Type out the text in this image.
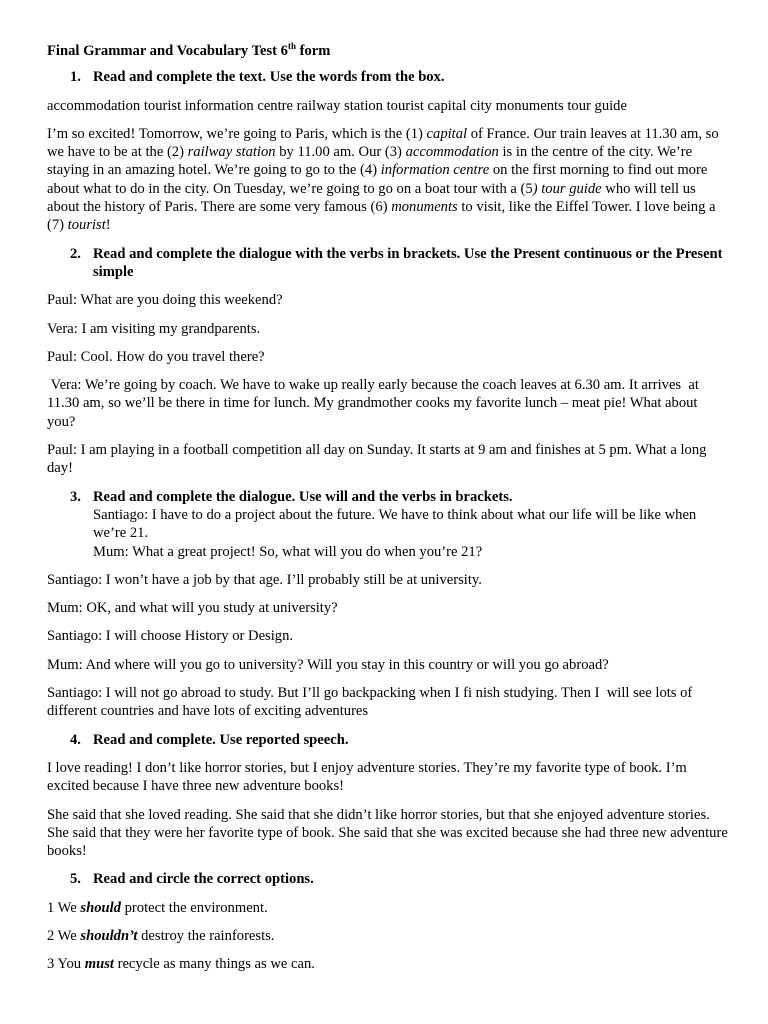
Final Grammar and Vocabulary Test 6th form
1. Read and complete the text. Use the words from the box.

accommodation tourist information centre railway station tourist capital city monuments tour guide

I’m so excited! Tomorrow, we’re going to Paris, which is the (1) capital of France. Our train leaves at 11.30 am, so we have to be at the (2) railway station by 11.00 am. Our (3) accommodation is in the centre of the city. We’re staying in an amazing hotel. We’re going to go to the (4) information centre on the first morning to find out more about what to do in the city. On Tuesday, we’re going to go on a boat tour with a (5) tour guide who will tell us about the history of Paris. There are some very famous (6) monuments to visit, like the Eiffel Tower. I love being a (7) tourist!

2. Read and complete the dialogue with the verbs in brackets. Use the Present continuous or the Present simple

Paul: What are you doing this weekend?

Vera: I am visiting my grandparents.

Paul: Cool. How do you travel there?

Vera: We’re going by coach. We have to wake up really early because the coach leaves at 6.30 am. It arrives  at 11.30 am, so we’ll be there in time for lunch. My grandmother cooks my favorite lunch – meat pie! What about you?

Paul: I am playing in a football competition all day on Sunday. It starts at 9 am and finishes at 5 pm. What a long day!

3. Read and complete the dialogue. Use will and the verbs in brackets.
Santiago: I have to do a project about the future. We have to think about what our life will be like when we’re 21.
Mum: What a great project! So, what will you do when you’re 21?

Santiago: I won’t have a job by that age. I’ll probably still be at university.

Mum: OK, and what will you study at university?

Santiago: I will choose History or Design.

Mum: And where will you go to university? Will you stay in this country or will you go abroad?

Santiago: I will not go abroad to study. But I’ll go backpacking when I fi nish studying. Then I  will see lots of different countries and have lots of exciting adventures

4. Read and complete. Use reported speech.

I love reading! I don’t like horror stories, but I enjoy adventure stories. They’re my favorite type of book. I’m excited because I have three new adventure books!

She said that she loved reading. She said that she didn’t like horror stories, but that she enjoyed adventure stories. She said that they were her favorite type of book. She said that she was excited because she had three new adventure books!

5. Read and circle the correct options.

1 We should protect the environment.

2 We shouldn’t destroy the rainforests.

3 You must recycle as many things as we can.
